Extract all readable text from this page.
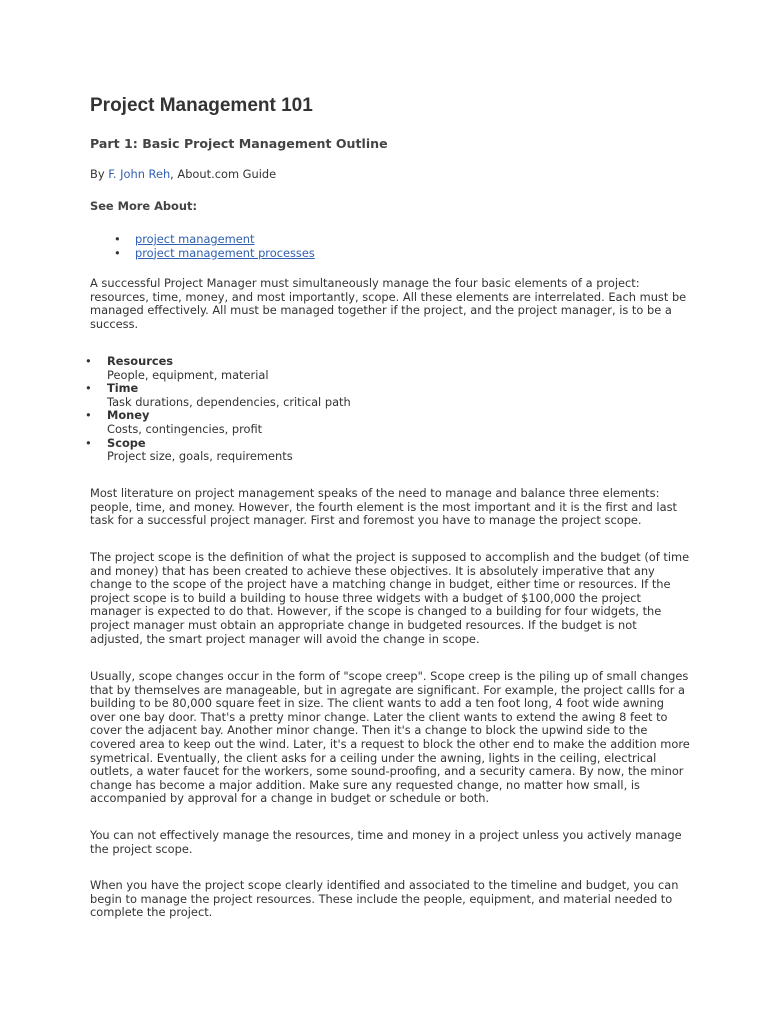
Project Management 101
Part 1: Basic Project Management Outline
By F. John Reh, About.com Guide
See More About:
• project management
• project management processes

A successful Project Manager must simultaneously manage the four basic elements of a project: resources, time, money, and most importantly, scope. All these elements are interrelated. Each must be managed effectively. All must be managed together if the project, and the project manager, is to be a success.

• Resources
People, equipment, material
• Time
Task durations, dependencies, critical path
• Money
Costs, contingencies, profit
• Scope
Project size, goals, requirements

Most literature on project management speaks of the need to manage and balance three elements: people, time, and money. However, the fourth element is the most important and it is the first and last task for a successful project manager. First and foremost you have to manage the project scope.

The project scope is the definition of what the project is supposed to accomplish and the budget (of time and money) that has been created to achieve these objectives. It is absolutely imperative that any change to the scope of the project have a matching change in budget, either time or resources. If the project scope is to build a building to house three widgets with a budget of $100,000 the project manager is expected to do that. However, if the scope is changed to a building for four widgets, the project manager must obtain an appropriate change in budgeted resources. If the budget is not adjusted, the smart project manager will avoid the change in scope.

Usually, scope changes occur in the form of "scope creep". Scope creep is the piling up of small changes that by themselves are manageable, but in agregate are significant. For example, the project callls for a building to be 80,000 square feet in size. The client wants to add a ten foot long, 4 foot wide awning over one bay door. That's a pretty minor change. Later the client wants to extend the awing 8 feet to cover the adjacent bay. Another minor change. Then it's a change to block the upwind side to the covered area to keep out the wind. Later, it's a request to block the other end to make the addition more symetrical. Eventually, the client asks for a ceiling under the awning, lights in the ceiling, electrical outlets, a water faucet for the workers, some sound-proofing, and a security camera. By now, the minor change has become a major addition. Make sure any requested change, no matter how small, is accompanied by approval for a change in budget or schedule or both.

You can not effectively manage the resources, time and money in a project unless you actively manage the project scope.

When you have the project scope clearly identified and associated to the timeline and budget, you can begin to manage the project resources. These include the people, equipment, and material needed to complete the project.
